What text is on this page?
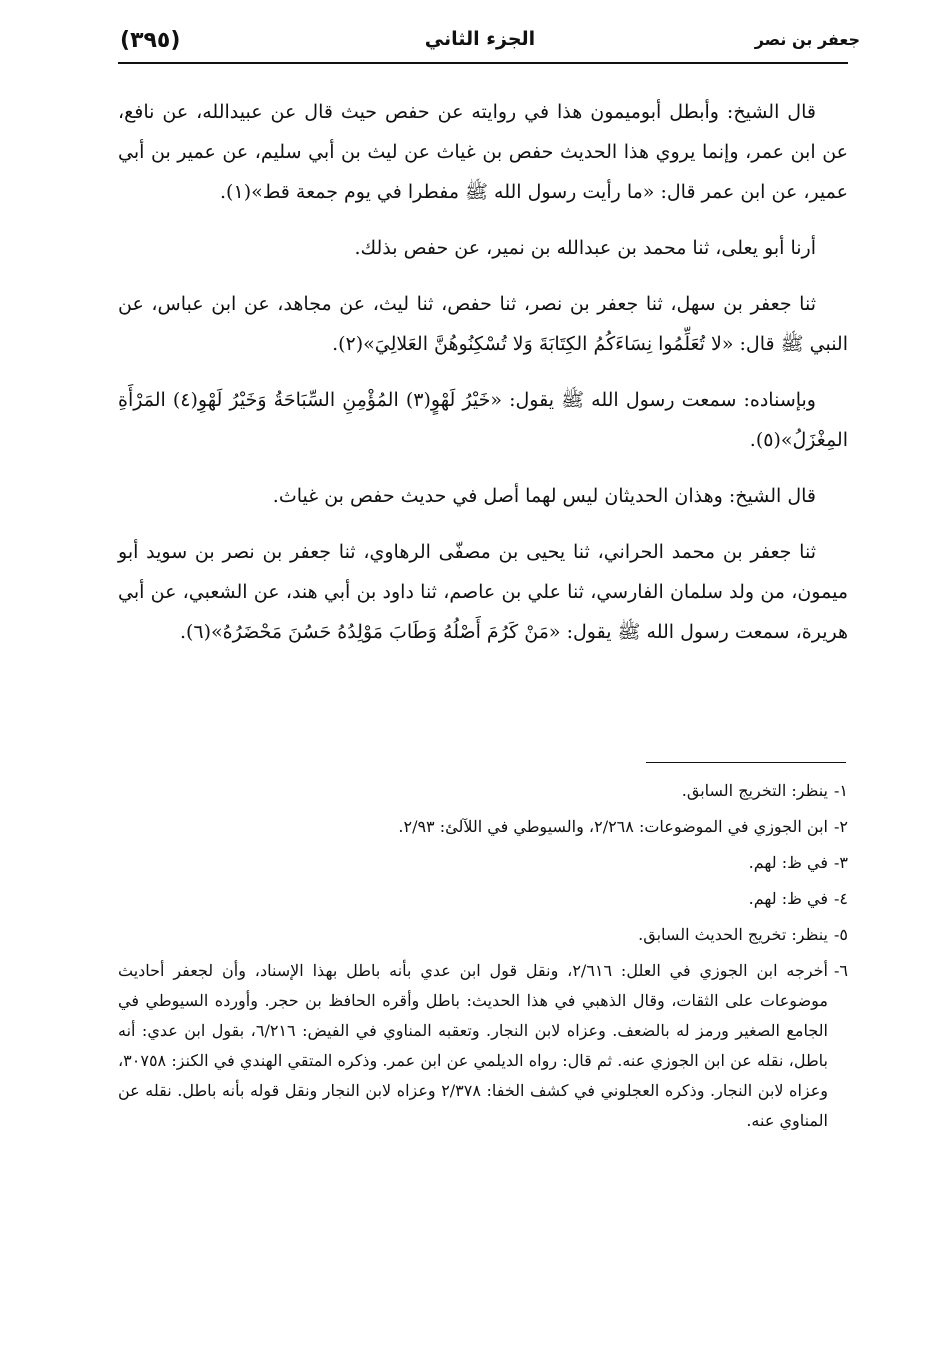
(٣٩٥)	الجزء الثاني	جعفر بن نصر

قال الشيخ: وأبطل أبوميمون هذا في روايته عن حفص حيث قال عن عبيدالله، عن نافع، عن ابن عمر، وإنما يروي هذا الحديث حفص بن غياث عن ليث بن أبي سليم، عن عمير بن أبي عمير، عن ابن عمر قال: «ما رأيت رسول الله ﷺ مفطرا في يوم جمعة قط»(١).

أرنا أبو يعلى، ثنا محمد بن عبدالله بن نمير، عن حفص بذلك.

ثنا جعفر بن سهل، ثنا جعفر بن نصر، ثنا حفص، ثنا ليث، عن مجاهد، عن ابن عباس، عن النبي ﷺ قال: «لا تُعَلِّمُوا نِسَاءَكُمُ الكِتَابَةَ وَلا تُسْكِنُوهُنَّ العَلالِيَ»(٢).

وبإسناده: سمعت رسول الله ﷺ يقول: «خَيْرُ لَهْوٍ(٣) المُؤْمِنِ السِّبَاحَةُ وَخَيْرُ لَهْوِ(٤) المَرْأَةِ المِغْزَلُ»(٥).

قال الشيخ: وهذان الحديثان ليس لهما أصل في حديث حفص بن غياث.

ثنا جعفر بن محمد الحراني، ثنا يحيى بن مصفّى الرهاوي، ثنا جعفر بن نصر بن سويد أبو ميمون، من ولد سلمان الفارسي، ثنا علي بن عاصم، ثنا داود بن أبي هند، عن الشعبي، عن أبي هريرة، سمعت رسول الله ﷺ يقول: «مَنْ كَرُمَ أَصْلُهُ وَطَابَ مَوْلِدُهُ حَسُنَ مَحْضَرُهُ»(٦).

١-
ينظر: التخريج السابق.
٢-
ابن الجوزي في الموضوعات: ٢/٢٦٨، والسيوطي في اللآلئ: ٢/٩٣.
٣-
في ظ: لهم.
٤-
في ظ: لهم.
٥-
ينظر: تخريج الحديث السابق.
٦-
أخرجه ابن الجوزي في العلل: ٢/٦١٦، ونقل قول ابن عدي بأنه باطل بهذا الإسناد، وأن لجعفر أحاديث موضوعات على الثقات، وقال الذهبي في هذا الحديث: باطل وأقره الحافظ بن حجر. وأورده السيوطي في الجامع الصغير ورمز له بالضعف. وعزاه لابن النجار. وتعقبه المناوي في الفيض: ٦/٢١٦، بقول ابن عدي: أنه باطل، نقله عن ابن الجوزي عنه. ثم قال: رواه الديلمي عن ابن عمر. وذكره المتقي الهندي في الكنز: ٣٠٧٥٨، وعزاه لابن النجار. وذكره العجلوني في كشف الخفا: ٢/٣٧٨ وعزاه لابن النجار ونقل قوله بأنه باطل. نقله عن المناوي عنه.
